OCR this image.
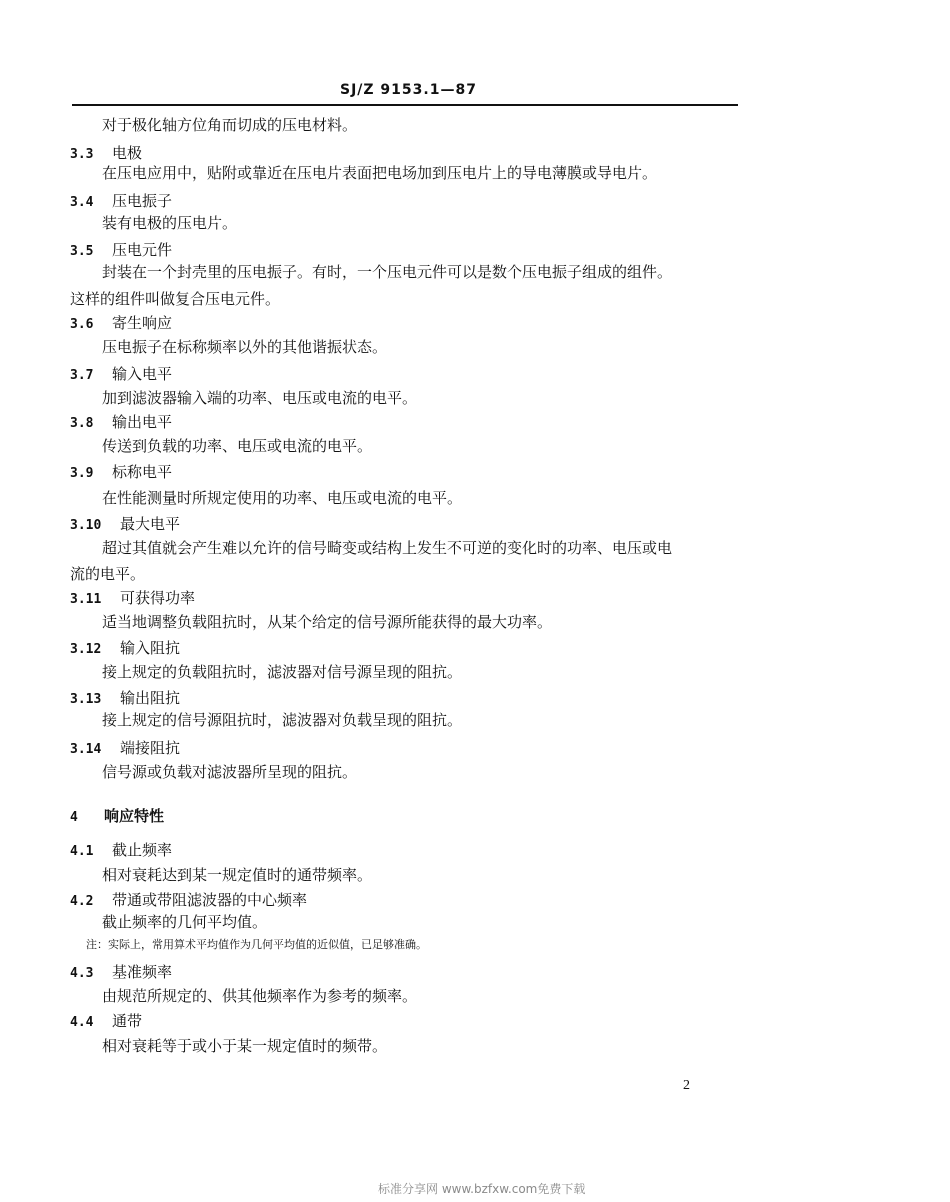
SJ/Z 9153.1—87
对于极化轴方位角而切成的压电材料。
3.3 电极
在压电应用中，贴附或靠近在压电片表面把电场加到压电片上的导电薄膜或导电片。
3.4 压电振子
装有电极的压电片。
3.5 压电元件
封装在一个封壳里的压电振子。有时，一个压电元件可以是数个压电振子组成的组件。
这样的组件叫做复合压电元件。
3.6 寄生响应
压电振子在标称频率以外的其他谐振状态。
3.7 输入电平
加到滤波器输入端的功率、电压或电流的电平。
3.8 输出电平
传送到负载的功率、电压或电流的电平。
3.9 标称电平
在性能测量时所规定使用的功率、电压或电流的电平。
3.10 最大电平
超过其值就会产生难以允许的信号畸变或结构上发生不可逆的变化时的功率、电压或电
流的电平。
3.11 可获得功率
适当地调整负载阻抗时，从某个给定的信号源所能获得的最大功率。
3.12 输入阻抗
接上规定的负载阻抗时，滤波器对信号源呈现的阻抗。
3.13 输出阻抗
接上规定的信号源阻抗时，滤波器对负载呈现的阻抗。
3.14 端接阻抗
信号源或负载对滤波器所呈现的阻抗。
4 响应特性
4.1 截止频率
相对衰耗达到某一规定值时的通带频率。
4.2 带通或带阻滤波器的中心频率
截止频率的几何平均值。
注：实际上，常用算术平均值作为几何平均值的近似值，已足够准确。
4.3 基准频率
由规范所规定的、供其他频率作为参考的频率。
4.4 通带
相对衰耗等于或小于某一规定值时的频带。
2
标准分享网 www.bzfxw.com免费下载
